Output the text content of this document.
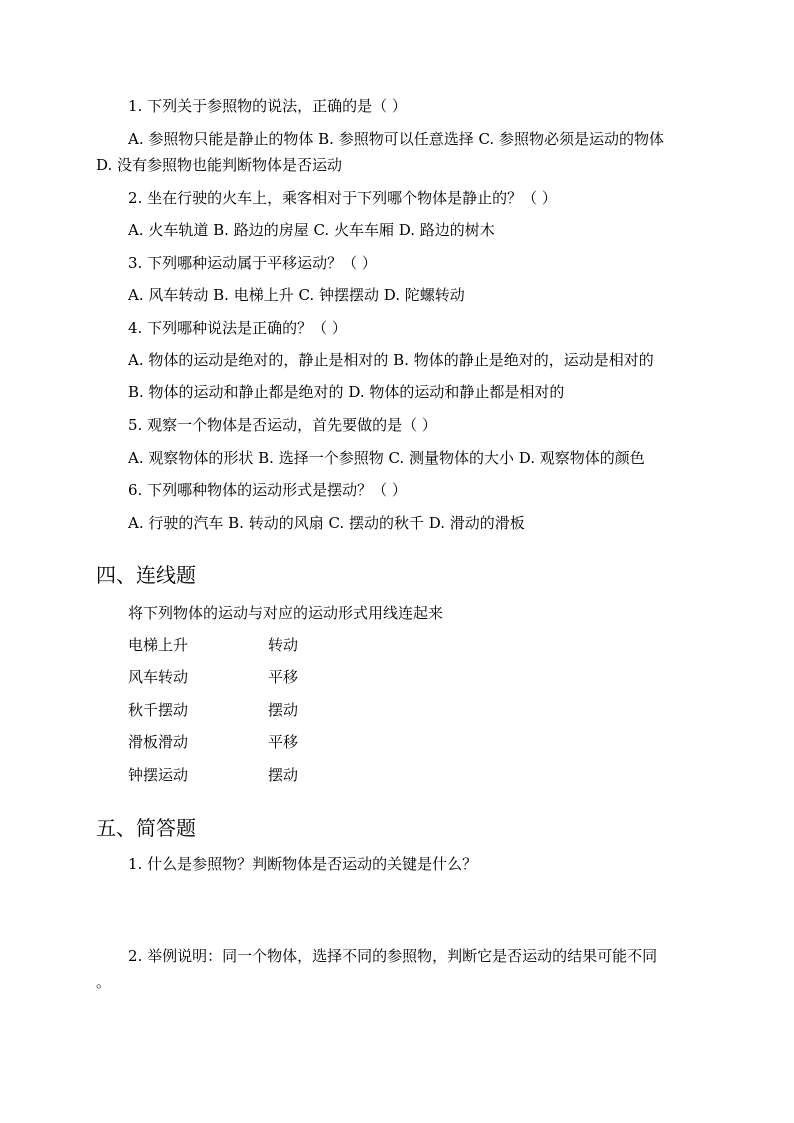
1. 下列关于参照物的说法，正确的是（ ）
A. 参照物只能是静止的物体 B. 参照物可以任意选择 C. 参照物必须是运动的物体
D. 没有参照物也能判断物体是否运动
2. 坐在行驶的火车上，乘客相对于下列哪个物体是静止的？（ ）
A. 火车轨道 B. 路边的房屋 C. 火车车厢 D. 路边的树木
3. 下列哪种运动属于平移运动？（ ）
A. 风车转动 B. 电梯上升 C. 钟摆摆动 D. 陀螺转动
4. 下列哪种说法是正确的？（ ）
A. 物体的运动是绝对的，静止是相对的 B. 物体的静止是绝对的，运动是相对的
B. 物体的运动和静止都是绝对的 D. 物体的运动和静止都是相对的
5. 观察一个物体是否运动，首先要做的是（ ）
A. 观察物体的形状 B. 选择一个参照物 C. 测量物体的大小 D. 观察物体的颜色
6. 下列哪种物体的运动形式是摆动？（ ）
A. 行驶的汽车 B. 转动的风扇 C. 摆动的秋千 D. 滑动的滑板
四、连线题
将下列物体的运动与对应的运动形式用线连起来
电梯上升	转动
风车转动	平移
秋千摆动	摆动
滑板滑动	平移
钟摆运动	摆动
五、简答题
1. 什么是参照物？判断物体是否运动的关键是什么？
2. 举例说明：同一个物体，选择不同的参照物，判断它是否运动的结果可能不同
。
